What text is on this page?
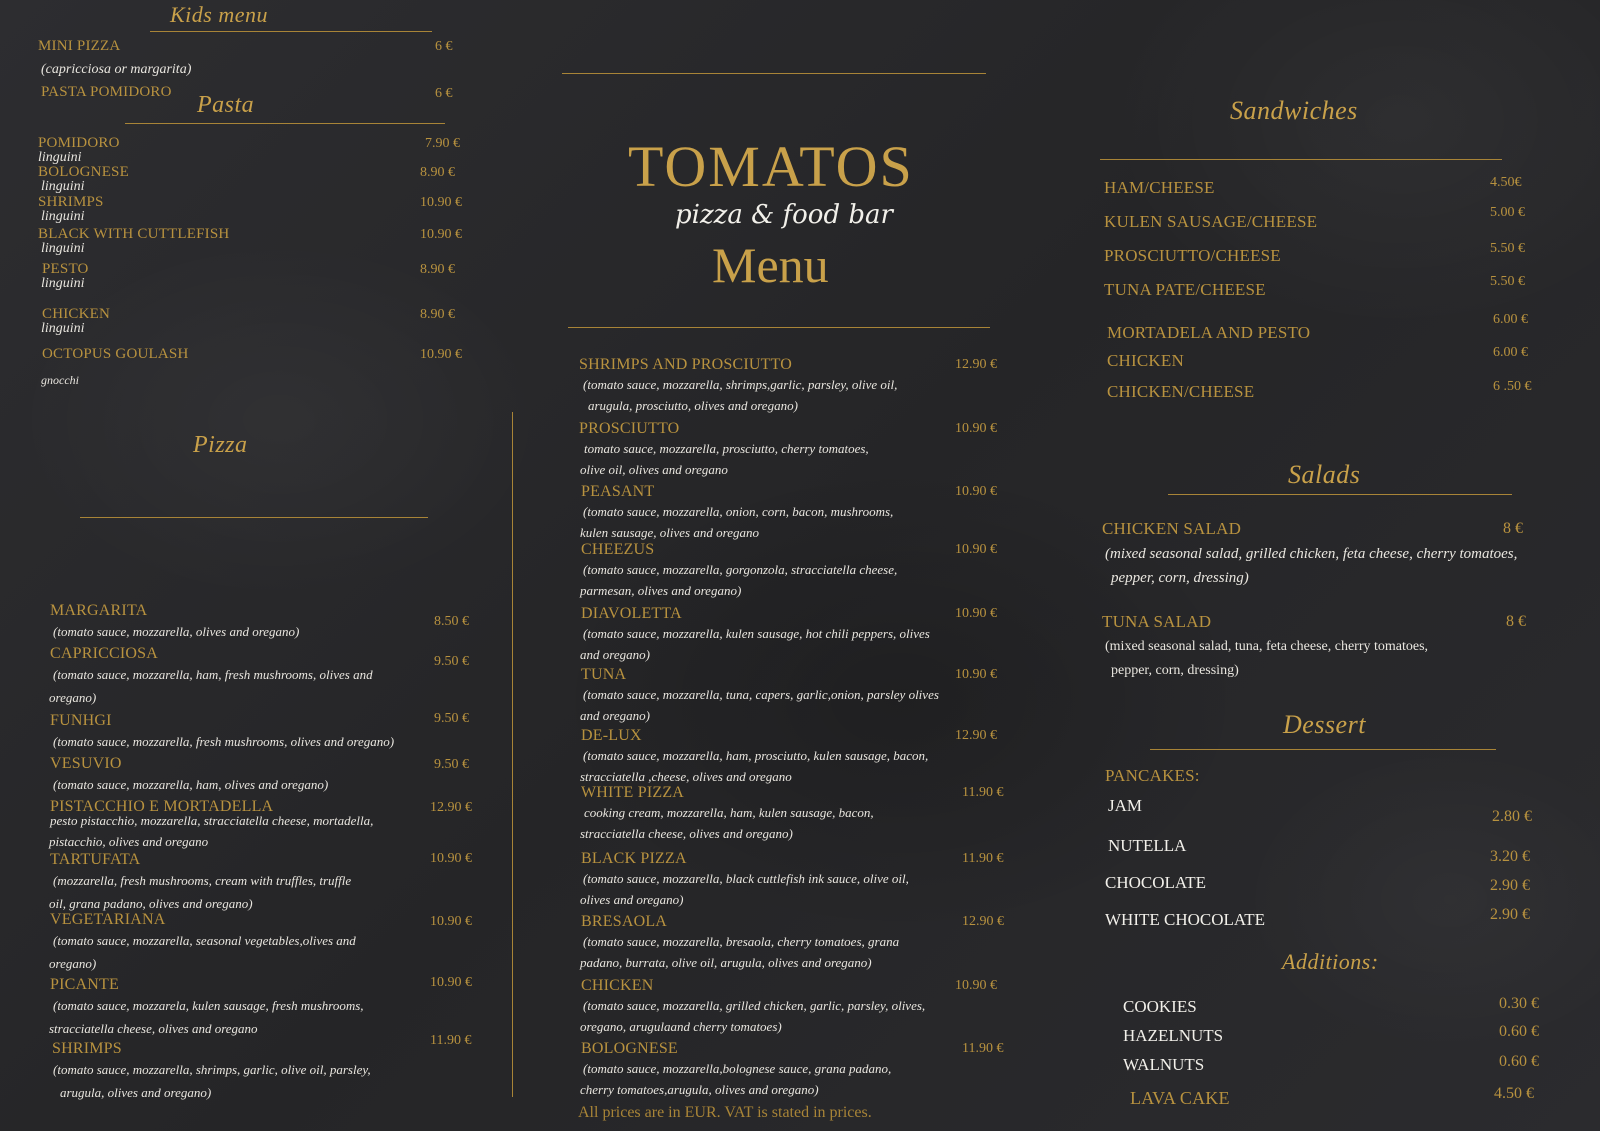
Kids menu
MINI PIZZA	6 €
(capricciosa or margarita)
PASTA POMIDORO	6 €
Pasta
POMIDORO	7.90 €
linguini
BOLOGNESE	8.90 €
linguini
SHRIMPS	10.90 €
linguini
BLACK WITH CUTTLEFISH	10.90 €
linguini
PESTO	8.90 €
linguini
CHICKEN	8.90 €
linguini
OCTOPUS GOULASH	10.90 €
gnocchi
Pizza
MARGARITA
8.50 €
(tomato sauce, mozzarella, olives and oregano)
CAPRICCIOSA	9.50 €
(tomato sauce, mozzarella, ham, fresh mushrooms, olives and
oregano)
FUNHGI	9.50 €
(tomato sauce, mozzarella, fresh mushrooms, olives and oregano)
VESUVIO	9.50 €
(tomato sauce, mozzarella, ham, olives and oregano)
PISTACCHIO E MORTADELLA	12.90 €
pesto pistacchio, mozzarella, stracciatella cheese, mortadella,
pistacchio, olives and oregano
TARTUFATA	10.90 €
(mozzarella, fresh mushrooms, cream with truffles, truffle
oil, grana padano, olives and oregano)
VEGETARIANA	10.90 €
(tomato sauce, mozzarella, seasonal vegetables,olives and
oregano)
PICANTE	10.90 €
(tomato sauce, mozzarela, kulen sausage, fresh mushrooms,
stracciatella cheese, olives and oregano
SHRIMPS	11.90 €
(tomato sauce, mozzarella, shrimps, garlic, olive oil, parsley,
arugula, olives and oregano)
TOMATOS
pizza & food bar
Menu
SHRIMPS AND PROSCIUTTO	12.90 €
(tomato sauce, mozzarella, shrimps,garlic, parsley, olive oil,
arugula, prosciutto, olives and oregano)
PROSCIUTTO	10.90 €
tomato sauce, mozzarella, prosciutto, cherry tomatoes,
olive oil, olives and oregano
PEASANT	10.90 €
(tomato sauce, mozzarella, onion, corn, bacon, mushrooms,
kulen sausage, olives and oregano
CHEEZUS	10.90 €
(tomato sauce, mozzarella, gorgonzola, stracciatella cheese,
parmesan, olives and oregano)
DIAVOLETTA	10.90 €
(tomato sauce, mozzarella, kulen sausage, hot chili peppers, olives
and oregano)
TUNA	10.90 €
(tomato sauce, mozzarella, tuna, capers, garlic,onion, parsley olives
and oregano)
DE-LUX	12.90 €
(tomato sauce, mozzarella, ham, prosciutto, kulen sausage, bacon,
stracciatella ,cheese, olives and oregano
WHITE PIZZA	11.90 €
cooking cream, mozzarella, ham, kulen sausage, bacon,
stracciatella cheese, olives and oregano)
BLACK PIZZA	11.90 €
(tomato sauce, mozzarella, black cuttlefish ink sauce, olive oil,
olives and oregano)
BRESAOLA	12.90 €
(tomato sauce, mozzarella, bresaola, cherry tomatoes, grana
padano, burrata, olive oil, arugula, olives and oregano)
CHICKEN	10.90 €
(tomato sauce, mozzarella, grilled chicken, garlic, parsley, olives,
oregano, arugulaand cherry tomatoes)
BOLOGNESE	11.90 €
(tomato sauce, mozzarella,bolognese sauce, grana padano,
cherry tomatoes,arugula, olives and oregano)
All prices are in EUR. VAT is stated in prices.
Sandwiches
HAM/CHEESE	4.50€
KULEN SAUSAGE/CHEESE	5.00 €
PROSCIUTTO/CHEESE	5.50 €
TUNA PATE/CHEESE	5.50 €
MORTADELA AND PESTO
6.00 €
CHICKEN	6.00 €
CHICKEN/CHEESE	6 .50 €
Salads
CHICKEN SALAD	8 €
(mixed seasonal salad, grilled chicken, feta cheese, cherry tomatoes,
pepper, corn, dressing)
TUNA SALAD	8 €
(mixed seasonal salad, tuna, feta cheese, cherry tomatoes,
pepper, corn, dressing)
Dessert
PANCAKES:
JAM
2.80 €
NUTELLA
3.20 €
CHOCOLATE	2.90 €
WHITE CHOCOLATE	2.90 €
Additions:
COOKIES	0.30 €
HAZELNUTS	0.60 €
WALNUTS	0.60 €
LAVA CAKE	4.50 €
